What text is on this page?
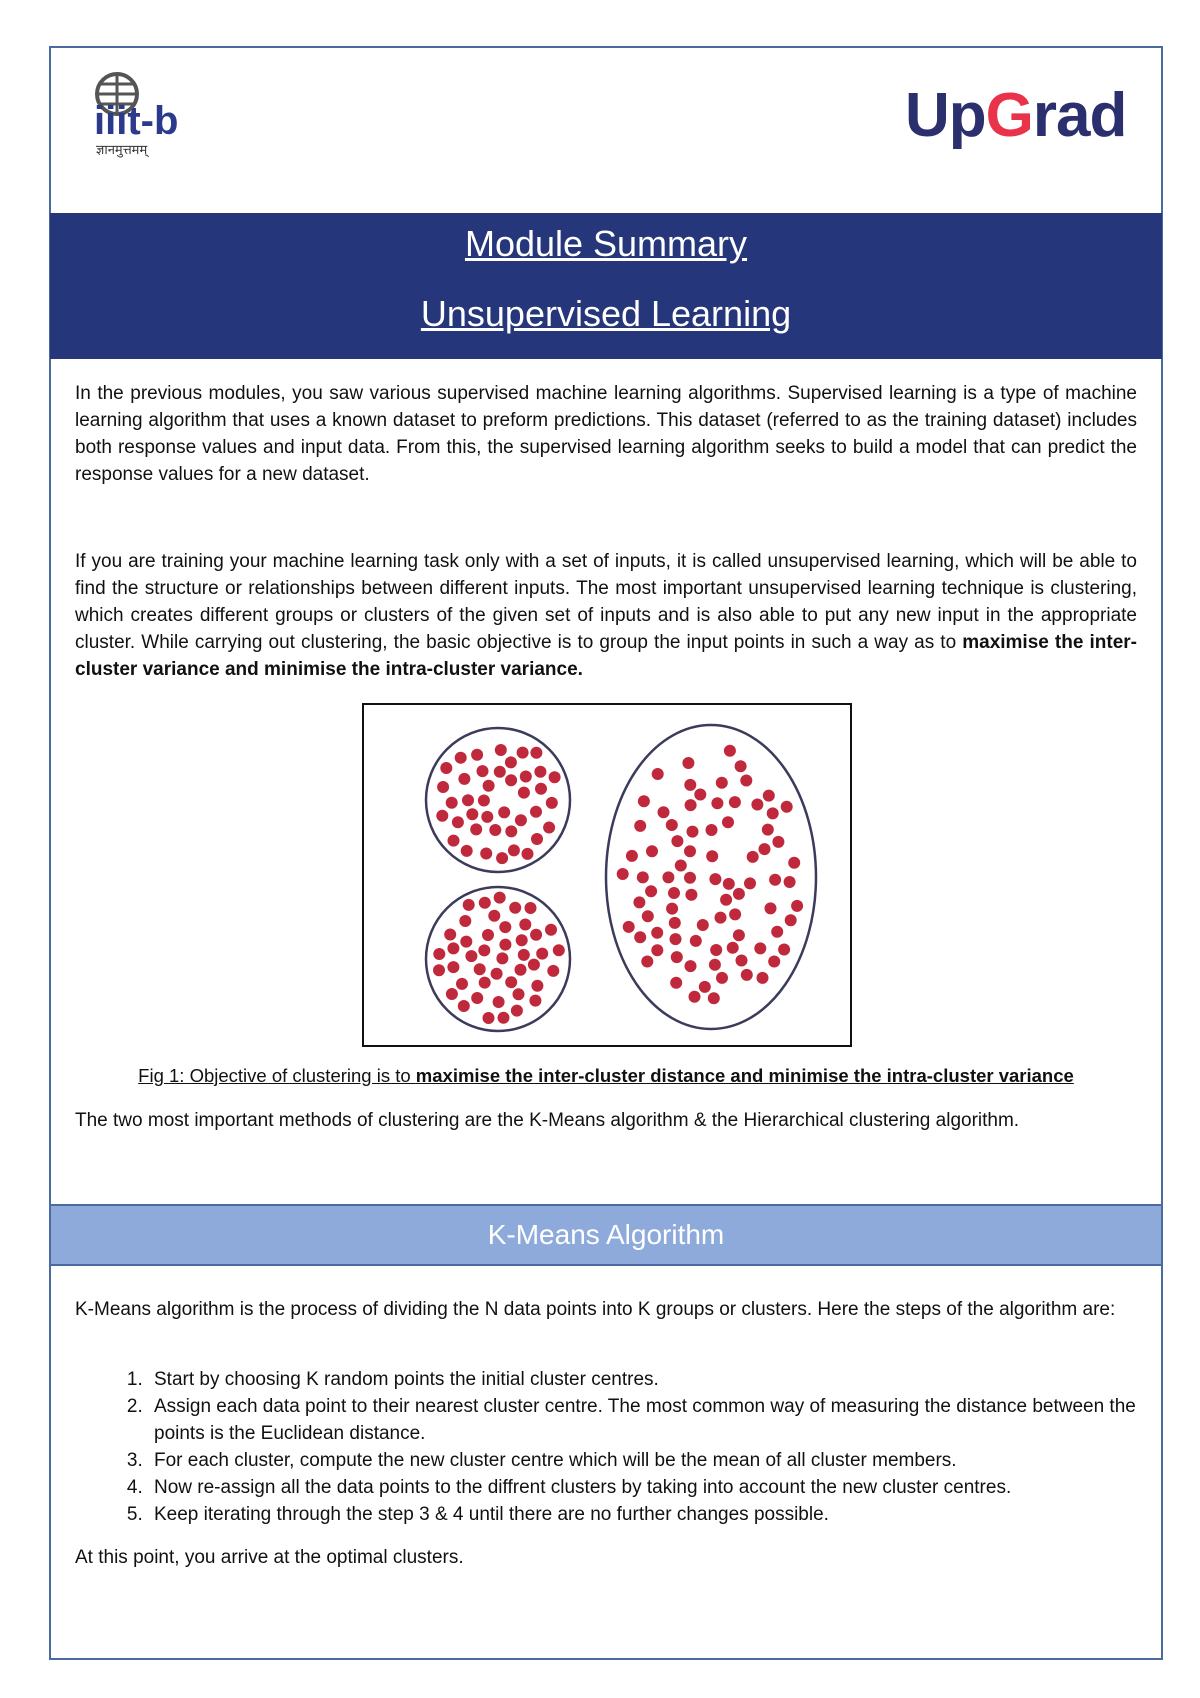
iiit-b
ज्ञानमुत्तमम्
UpGrad
Module Summary
Unsupervised Learning

In the previous modules, you saw various supervised machine learning algorithms. Supervised learning is a type of machine learning algorithm that uses a known dataset to preform predictions. This dataset (referred to as the training dataset) includes both response values and input data. From this, the supervised learning algorithm seeks to build a model that can predict the response values for a new dataset.

If you are training your machine learning task only with a set of inputs, it is called unsupervised learning, which will be able to find the structure or relationships between different inputs. The most important unsupervised learning technique is clustering, which creates different groups or clusters of the given set of inputs and is also able to put any new input in the appropriate cluster. While carrying out clustering, the basic objective is to group the input points in such a way as to maximise the inter-cluster variance and minimise the intra-cluster variance.

Fig 1: Objective of clustering is to maximise the inter-cluster distance and minimise the intra-cluster variance

The two most important methods of clustering are the K-Means algorithm & the Hierarchical clustering algorithm.

K-Means Algorithm

K-Means algorithm is the process of dividing the N data points into K groups or clusters. Here the steps of the algorithm are:

1. Start by choosing K random points the initial cluster centres.
2. Assign each data point to their nearest cluster centre. The most common way of measuring the distance between the points is the Euclidean distance.
3. For each cluster, compute the new cluster centre which will be the mean of all cluster members.
4. Now re-assign all the data points to the diffrent clusters by taking into account the new cluster centres.
5. Keep iterating through the step 3 & 4 until there are no further changes possible.

At this point, you arrive at the optimal clusters.
